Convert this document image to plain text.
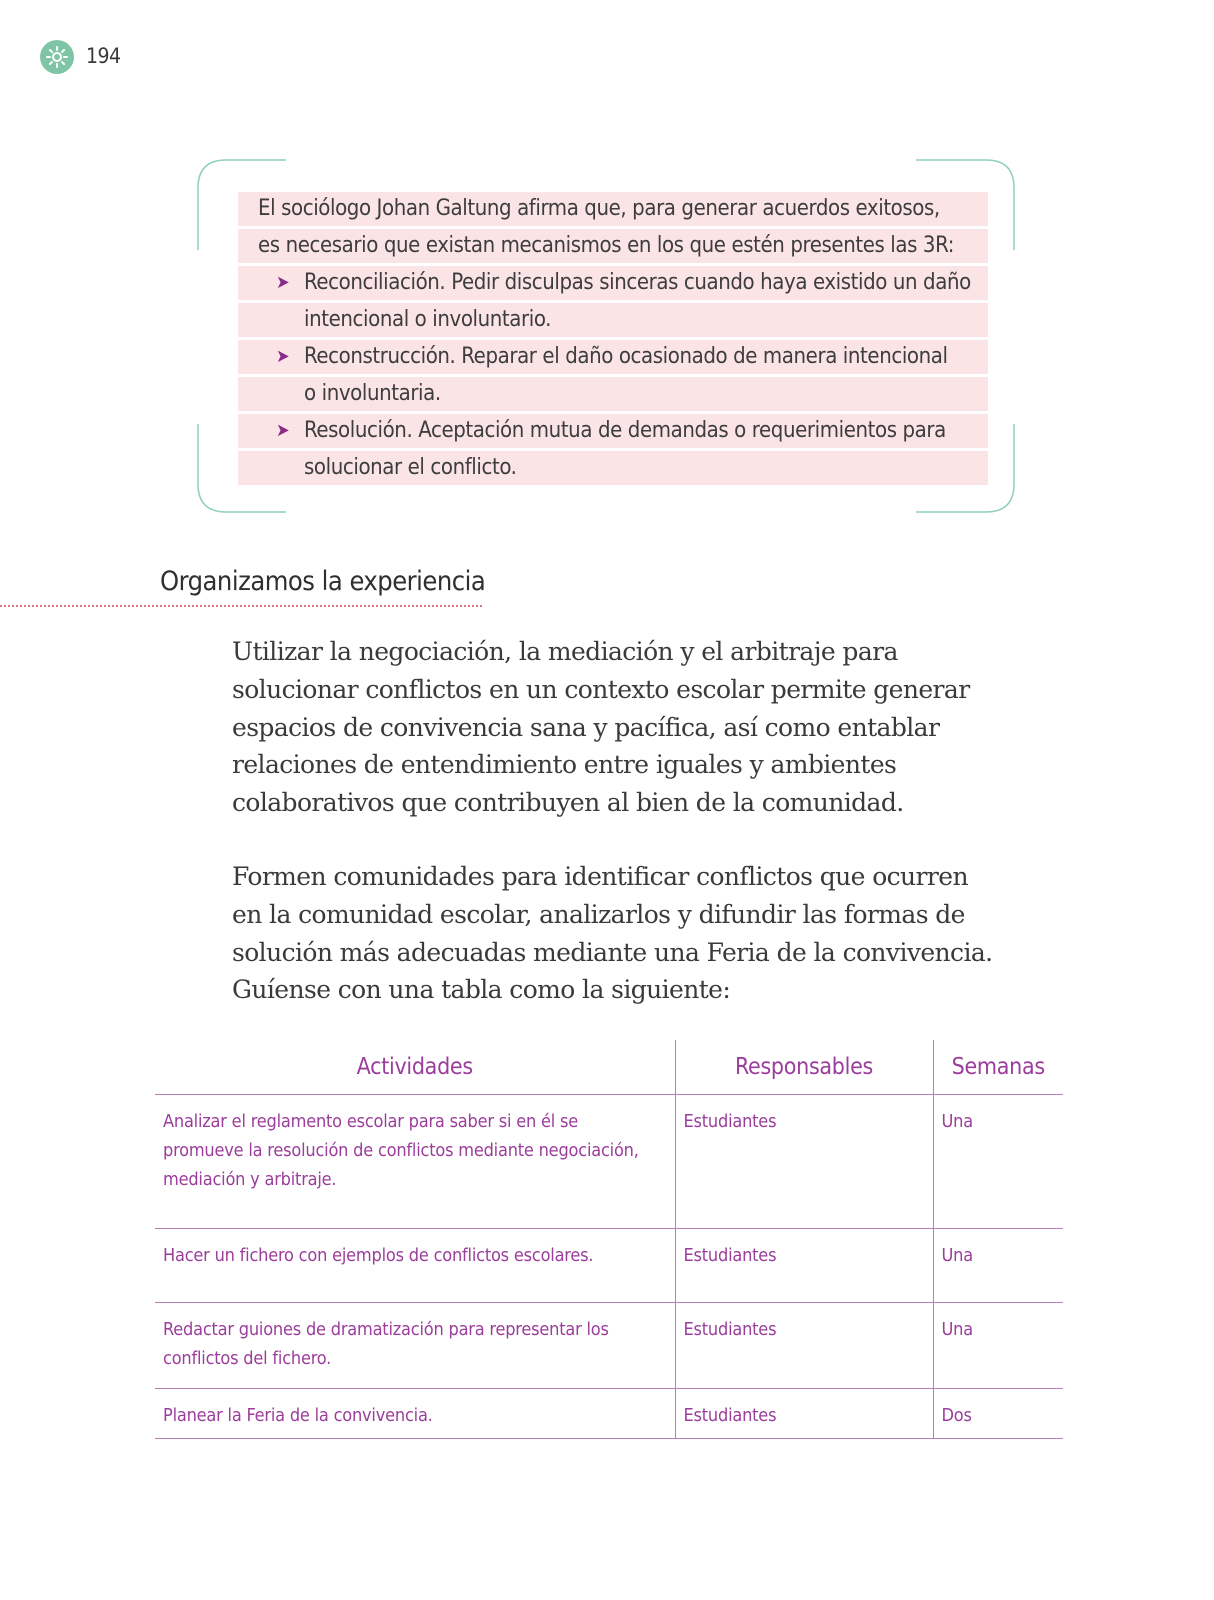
194
El sociólogo Johan Galtung afirma que, para generar acuerdos exitosos,
es necesario que existan mecanismos en los que estén presentes las 3R:
➤ Reconciliación. Pedir disculpas sinceras cuando haya existido un daño
intencional o involuntario.
➤ Reconstrucción. Reparar el daño ocasionado de manera intencional
o involuntaria.
➤ Resolución. Aceptación mutua de demandas o requerimientos para
solucionar el conflicto.
Organizamos la experiencia
Utilizar la negociación, la mediación y el arbitraje para
solucionar conflictos en un contexto escolar permite generar
espacios de convivencia sana y pacífica, así como entablar
relaciones de entendimiento entre iguales y ambientes
colaborativos que contribuyen al bien de la comunidad.
Formen comunidades para identificar conflictos que ocurren
en la comunidad escolar, analizarlos y difundir las formas de
solución más adecuadas mediante una Feria de la convivencia.
Guíense con una tabla como la siguiente:
Actividades	Responsables	Semanas

Analizar el reglamento escolar para saber si en él se
promueve la resolución de conflictos mediante negociación,
mediación y arbitraje.	Estudiantes	Una

Hacer un fichero con ejemplos de conflictos escolares.	Estudiantes	Una

Redactar guiones de dramatización para representar los
conflictos del fichero.	Estudiantes	Una

Planear la Feria de la convivencia.	Estudiantes	Dos
